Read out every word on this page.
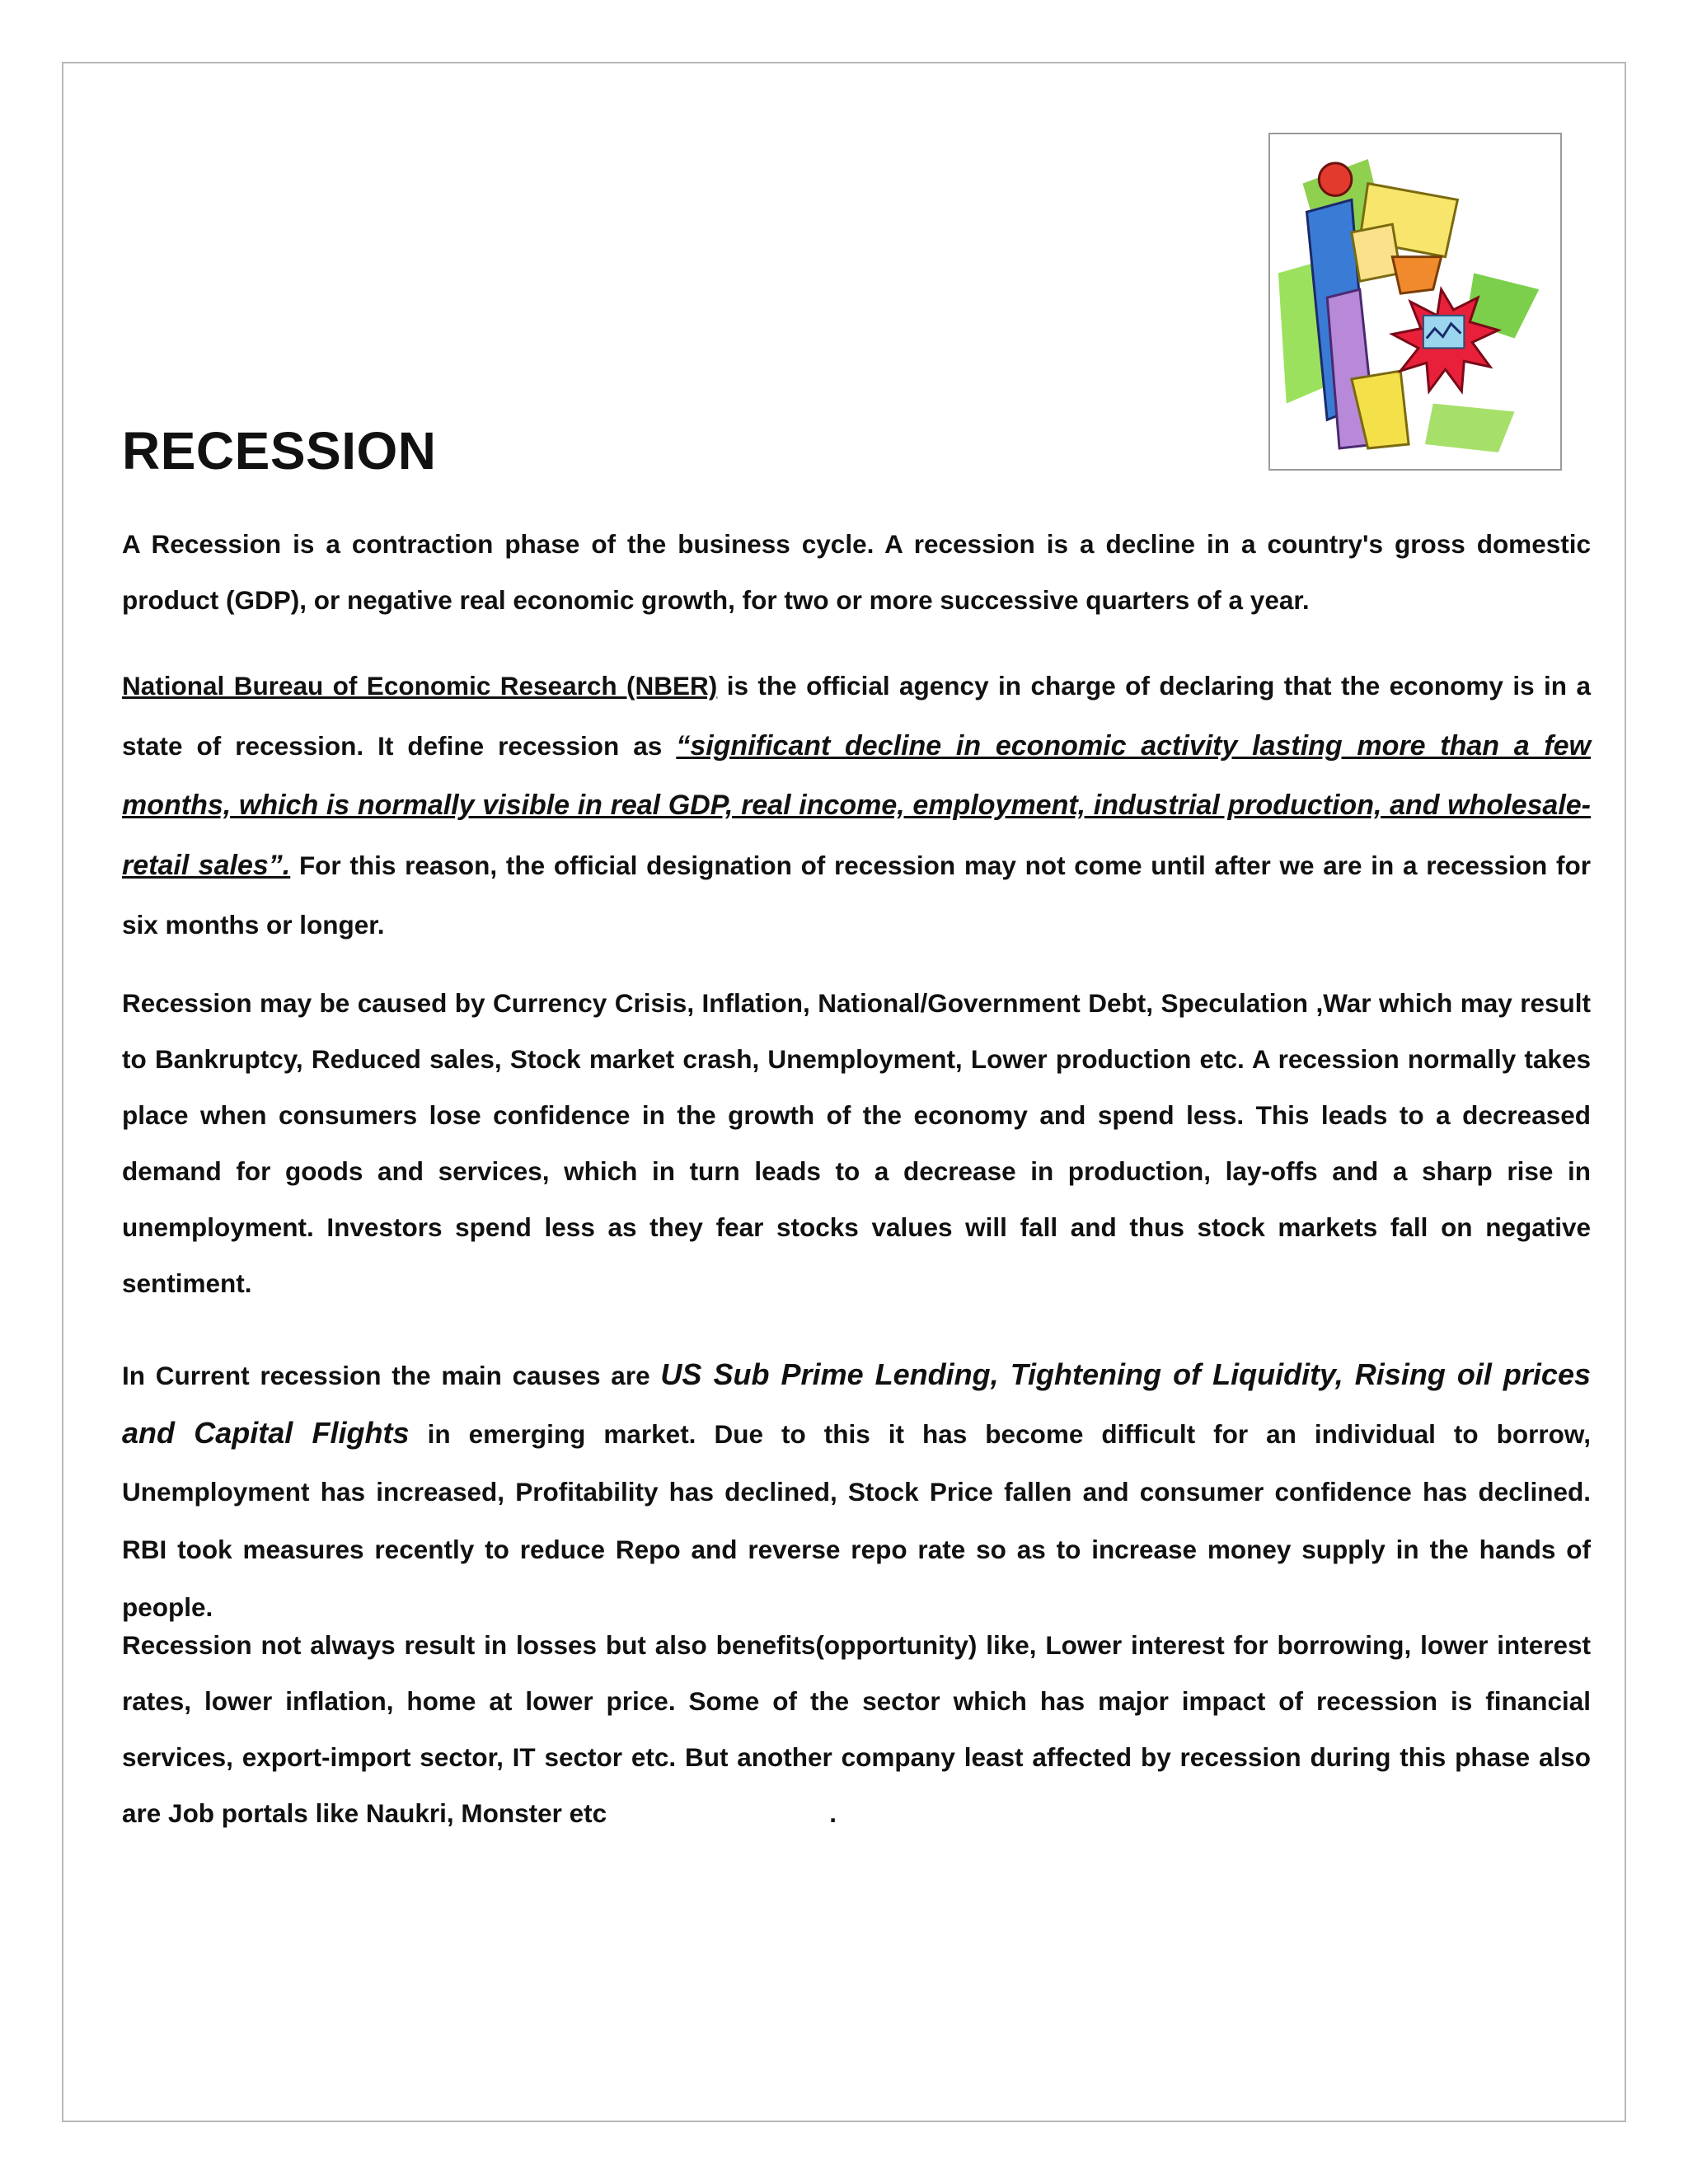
RECESSION

A Recession is a contraction phase of the business cycle. A recession is a decline in a country's gross domestic product (GDP), or negative real economic growth, for two or more successive quarters of a year.

National Bureau of Economic Research (NBER) is the official agency in charge of declaring that the economy is in a state of recession. It define recession as “significant decline in economic activity lasting more than a few months, which is normally visible in real GDP, real income, employment, industrial production, and wholesale-retail sales”. For this reason, the official designation of recession may not come until after we are in a recession for six months or longer.

Recession may be caused by Currency Crisis, Inflation, National/Government Debt, Speculation ,War which may result to Bankruptcy, Reduced sales, Stock market crash, Unemployment, Lower production etc. A recession normally takes place when consumers lose confidence in the growth of the economy and spend less. This leads to a decreased demand for goods and services, which in turn leads to a decrease in production, lay-offs and a sharp rise in unemployment. Investors spend less as they fear stocks values will fall and thus stock markets fall on negative sentiment.

In Current recession the main causes are US Sub Prime Lending, Tightening of Liquidity, Rising oil prices and Capital Flights in emerging market. Due to this it has become difficult for an individual to borrow, Unemployment has increased, Profitability has declined, Stock Price fallen and consumer confidence has declined. RBI took measures recently to reduce Repo and reverse repo rate so as to increase money supply in the hands of people.

Recession not always result in losses but also benefits(opportunity) like, Lower interest for borrowing, lower interest rates, lower inflation, home at lower price. Some of the sector which has major impact of recession is financial services, export-import sector, IT sector etc. But another company least affected by recession during this phase also are Job portals like Naukri, Monster etc	.
